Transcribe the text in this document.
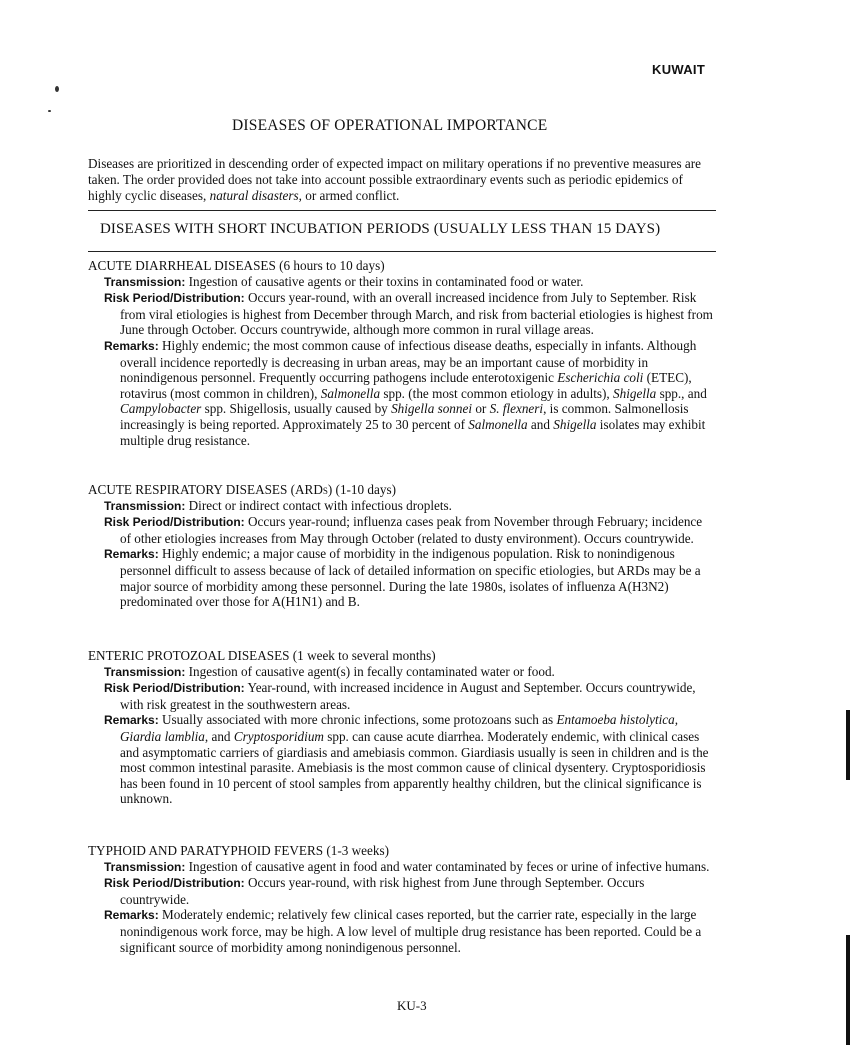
KUWAIT
DISEASES OF OPERATIONAL IMPORTANCE
Diseases are prioritized in descending order of expected impact on military operations if no preventive measures are taken. The order provided does not take into account possible extraordinary events such as periodic epidemics of highly cyclic diseases, natural disasters, or armed conflict.
DISEASES WITH SHORT INCUBATION PERIODS (USUALLY LESS THAN 15 DAYS)
ACUTE DIARRHEAL DISEASES (6 hours to 10 days)
Transmission: Ingestion of causative agents or their toxins in contaminated food or water.
Risk Period/Distribution: Occurs year-round, with an overall increased incidence from July to September. Risk from viral etiologies is highest from December through March, and risk from bacterial etiologies is highest from June through October. Occurs countrywide, although more common in rural village areas.
Remarks: Highly endemic; the most common cause of infectious disease deaths, especially in infants. Although overall incidence reportedly is decreasing in urban areas, may be an important cause of morbidity in nonindigenous personnel. Frequently occurring pathogens include enterotoxigenic Escherichia coli (ETEC), rotavirus (most common in children), Salmonella spp. (the most common etiology in adults), Shigella spp., and Campylobacter spp. Shigellosis, usually caused by Shigella sonnei or S. flexneri, is common. Salmonellosis increasingly is being reported. Approximately 25 to 30 percent of Salmonella and Shigella isolates may exhibit multiple drug resistance.
ACUTE RESPIRATORY DISEASES (ARDs) (1-10 days)
Transmission: Direct or indirect contact with infectious droplets.
Risk Period/Distribution: Occurs year-round; influenza cases peak from November through February; incidence of other etiologies increases from May through October (related to dusty environment). Occurs countrywide.
Remarks: Highly endemic; a major cause of morbidity in the indigenous population. Risk to nonindigenous personnel difficult to assess because of lack of detailed information on specific etiologies, but ARDs may be a major source of morbidity among these personnel. During the late 1980s, isolates of influenza A(H3N2) predominated over those for A(H1N1) and B.
ENTERIC PROTOZOAL DISEASES (1 week to several months)
Transmission: Ingestion of causative agent(s) in fecally contaminated water or food.
Risk Period/Distribution: Year-round, with increased incidence in August and September. Occurs countrywide, with risk greatest in the southwestern areas.
Remarks: Usually associated with more chronic infections, some protozoans such as Entamoeba histolytica, Giardia lamblia, and Cryptosporidium spp. can cause acute diarrhea. Moderately endemic, with clinical cases and asymptomatic carriers of giardiasis and amebiasis common. Giardiasis usually is seen in children and is the most common intestinal parasite. Amebiasis is the most common cause of clinical dysentery. Cryptosporidiosis has been found in 10 percent of stool samples from apparently healthy children, but the clinical significance is unknown.
TYPHOID AND PARATYPHOID FEVERS (1-3 weeks)
Transmission: Ingestion of causative agent in food and water contaminated by feces or urine of infective humans.
Risk Period/Distribution: Occurs year-round, with risk highest from June through September. Occurs countrywide.
Remarks: Moderately endemic; relatively few clinical cases reported, but the carrier rate, especially in the large nonindigenous work force, may be high. A low level of multiple drug resistance has been reported. Could be a significant source of morbidity among nonindigenous personnel.
KU-3
